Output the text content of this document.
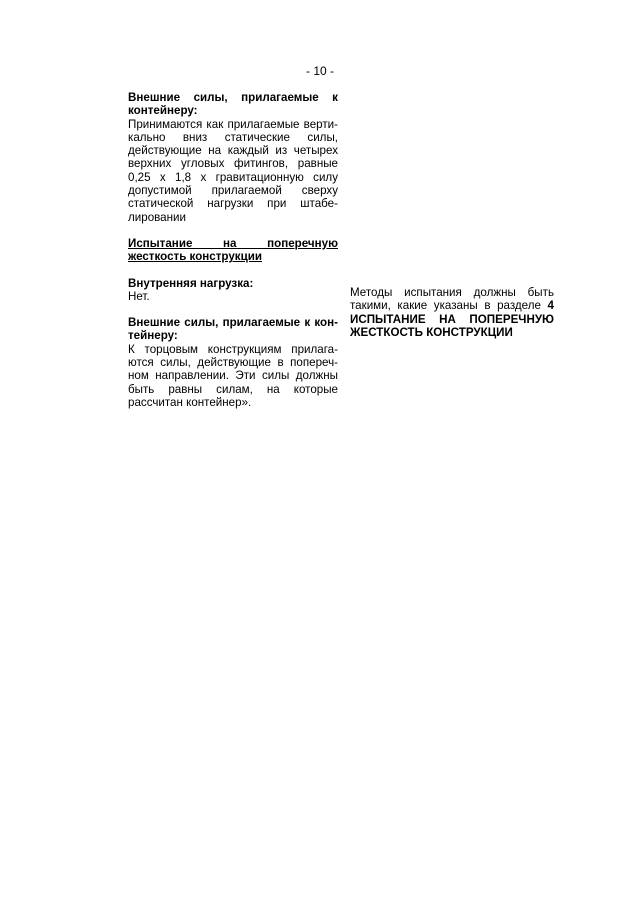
- 10 -

Внешние силы, прилагаемые к контейнеру:

Принимаются как прилагаемые верти-кально вниз статические силы, действующие на каждый из четырех верхних угловых фитингов, равные 0,25 x 1,8 x гравитационную силу допустимой прилагаемой сверху статической нагрузки при штабе-лировании

Испытание на поперечную жесткость конструкции

Внутренняя нагрузка:

Нет.

Внешние силы, прилагаемые к кон-тейнеру:

К торцовым конструкциям прилага-ются силы, действующие в попереч-ном направлении. Эти силы должны быть равны силам, на которые рассчитан контейнер».

Методы испытания должны быть такими, какие указаны в разделе 4 ИСПЫТАНИЕ НА ПОПЕРЕЧНУЮ ЖЕСТКОСТЬ КОНСТРУКЦИИ
